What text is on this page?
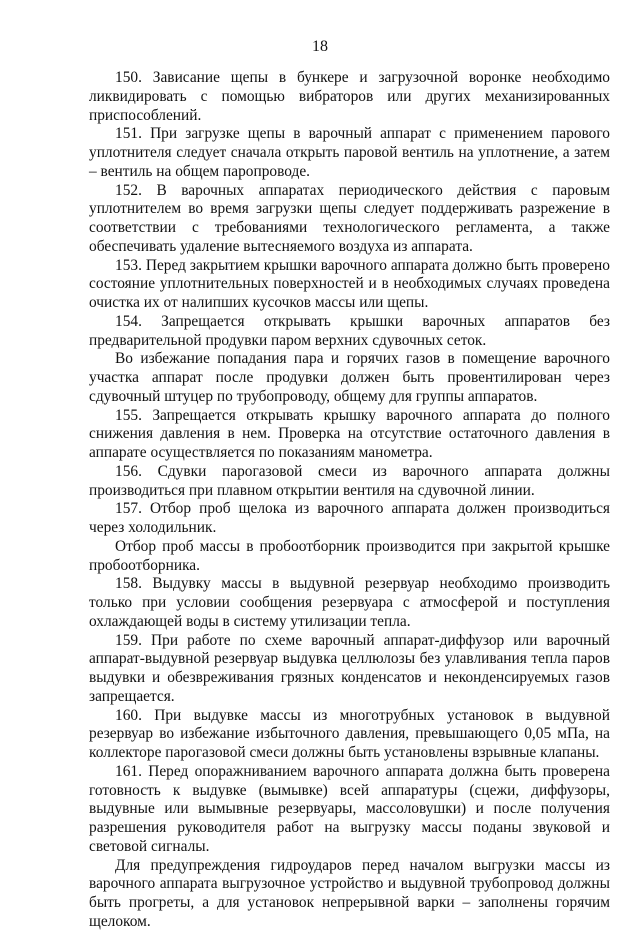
18

150. Зависание щепы в бункере и загрузочной воронке необходимо ликвидировать с помощью вибраторов или других механизированных приспособлений.

151. При загрузке щепы в варочный аппарат с применением парового уплотнителя следует сначала открыть паровой вентиль на уплотнение, а затем – вентиль на общем паропроводе.

152. В варочных аппаратах периодического действия с паровым уплотнителем во время загрузки щепы следует поддерживать разрежение в соответствии с требованиями технологического регламента, а также обеспечивать удаление вытесняемого воздуха из аппарата.

153. Перед закрытием крышки варочного аппарата должно быть проверено состояние уплотнительных поверхностей и в необходимых случаях проведена очистка их от налипших кусочков массы или щепы.

154. Запрещается открывать крышки варочных аппаратов без предварительной продувки паром верхних сдувочных сеток.

Во избежание попадания пара и горячих газов в помещение варочного участка аппарат после продувки должен быть провентилирован через сдувочный штуцер по трубопроводу, общему для группы аппаратов.

155. Запрещается открывать крышку варочного аппарата до полного снижения давления в нем. Проверка на отсутствие остаточного давления в аппарате осуществляется по показаниям манометра.

156. Сдувки парогазовой смеси из варочного аппарата должны производиться при плавном открытии вентиля на сдувочной линии.

157. Отбор проб щелока из варочного аппарата должен производиться через холодильник.

Отбор проб массы в пробоотборник производится при закрытой крышке пробоотборника.

158. Выдувку массы в выдувной резервуар необходимо производить только при условии сообщения резервуара с атмосферой и поступления охлаждающей воды в систему утилизации тепла.

159. При работе по схеме варочный аппарат-диффузор или варочный аппарат-выдувной резервуар выдувка целлюлозы без улавливания тепла паров выдувки и обезвреживания грязных конденсатов и неконденсируемых газов запрещается.

160. При выдувке массы из многотрубных установок в выдувной резервуар во избежание избыточного давления, превышающего 0,05 мПа, на коллекторе парогазовой смеси должны быть установлены взрывные клапаны.

161. Перед опоражниванием варочного аппарата должна быть проверена готовность к выдувке (вымывке) всей аппаратуры (сцежи, диффузоры, выдувные или вымывные резервуары, массоловушки) и после получения разрешения руководителя работ на выгрузку массы поданы звуковой и световой сигналы.

Для предупреждения гидроударов перед началом выгрузки массы из варочного аппарата выгрузочное устройство и выдувной трубопровод должны быть прогреты, а для установок непрерывной варки – заполнены горячим щелоком.
